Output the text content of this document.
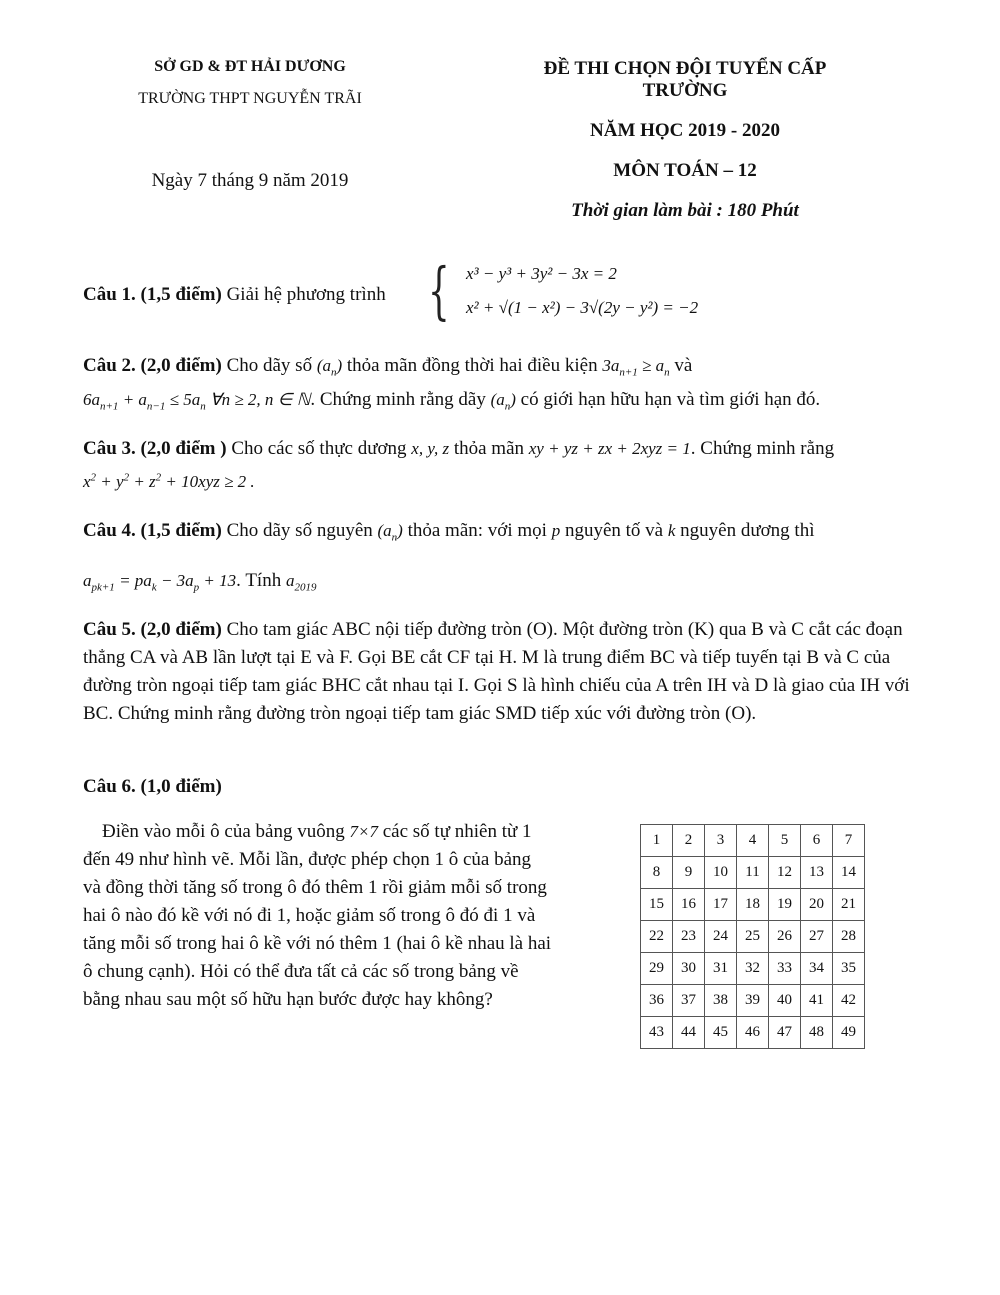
SỞ GD & ĐT HẢI DƯƠNG
TRƯỜNG THPT NGUYỄN TRÃI
Ngày 7 tháng 9 năm 2019
ĐỀ THI CHỌN ĐỘI TUYỂN CẤP TRƯỜNG
NĂM HỌC 2019 - 2020
MÔN TOÁN – 12
Thời gian làm bài : 180 Phút
Câu 1. (1,5 điểm) Giải hệ phương trình { x³ − y³ + 3y² − 3x = 2
x² + √(1 − x²) − 3√(2y − y²) = −2
Câu 2. (2,0 điểm) Cho dãy số $(a_n)$ thỏa mãn đồng thời hai điều kiện $3a_{n+1} \ge a_n$ và
$6a_{n+1} + a_{n-1} \le 5a_n$ ∀n ≥ 2, n ∈ ℕ. Chứng minh rằng dãy $(a_n)$ có giới hạn hữu hạn và tìm giới hạn đó.
Câu 3. (2,0 điểm ) Cho các số thực dương x, y, z thỏa mãn xy + yz + zx + 2xyz = 1. Chứng minh rằng
$x^2 + y^2 + z^2 + 10xyz \ge 2$ .
Câu 4. (1,5 điểm) Cho dãy số nguyên $(a_n)$ thỏa mãn: với mọi p nguyên tố và k nguyên dương thì
$a_{pk+1} = pa_k - 3a_p + 13$. Tính $a_{2019}$
Câu 5. (2,0 điểm) Cho tam giác ABC nội tiếp đường tròn (O). Một đường tròn (K) qua B và C cắt các đoạn thẳng CA và AB lần lượt tại E và F. Gọi BE cắt CF tại H. M là trung điểm BC và tiếp tuyến tại B và C của đường tròn ngoại tiếp tam giác BHC cắt nhau tại I. Gọi S là hình chiếu của A trên IH và D là giao của IH với BC. Chứng minh rằng đường tròn ngoại tiếp tam giác SMD tiếp xúc với đường tròn (O).
Câu 6. (1,0 điểm)
Điền vào mỗi ô của bảng vuông 7×7 các số tự nhiên từ 1 đến 49 như hình vẽ. Mỗi lần, được phép chọn 1 ô của bảng và đồng thời tăng số trong ô đó thêm 1 rồi giảm mỗi số trong hai ô nào đó kề với nó đi 1, hoặc giảm số trong ô đó đi 1 và tăng mỗi số trong hai ô kề với nó thêm 1 (hai ô kề nhau là hai ô chung cạnh). Hỏi có thể đưa tất cả các số trong bảng về bằng nhau sau một số hữu hạn bước được hay không?
1	2	3	4	5	6	7
8	9	10	11	12	13	14
15	16	17	18	19	20	21
22	23	24	25	26	27	28
29	30	31	32	33	34	35
36	37	38	39	40	41	42
43	44	45	46	47	48	49
